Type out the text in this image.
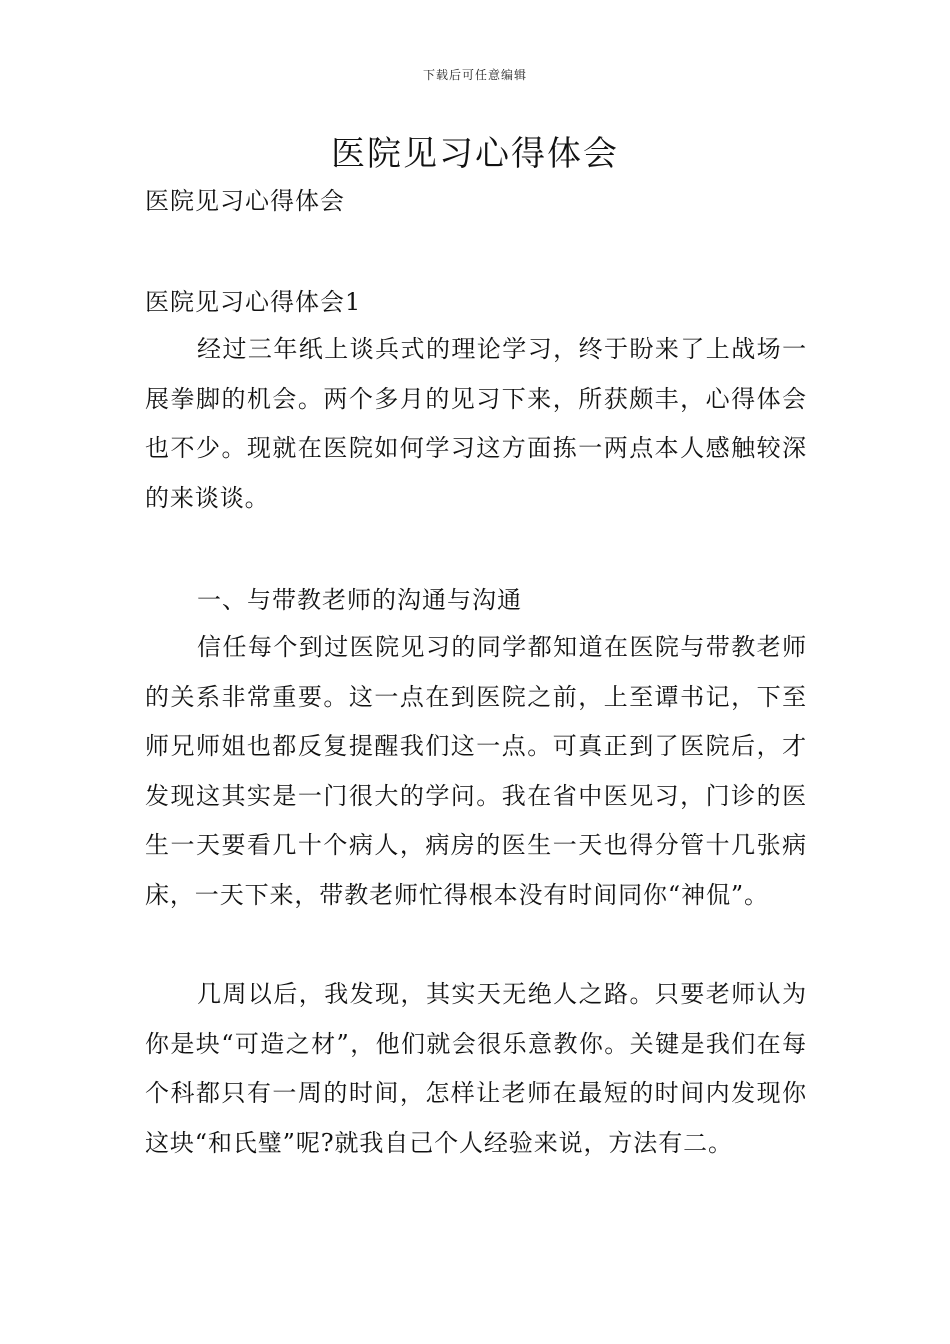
下载后可任意编辑
医院见习心得体会
医院见习心得体会
医院见习心得体会1

经过三年纸上谈兵式的理论学习，终于盼来了上战场一展拳脚的机会。两个多月的见习下来，所获颇丰，心得体会也不少。现就在医院如何学习这方面拣一两点本人感触较深的来谈谈。

一、与带教老师的沟通与沟通

信任每个到过医院见习的同学都知道在医院与带教老师的关系非常重要。这一点在到医院之前，上至谭书记，下至师兄师姐也都反复提醒我们这一点。可真正到了医院后，才发现这其实是一门很大的学问。我在省中医见习，门诊的医生一天要看几十个病人，病房的医生一天也得分管十几张病床，一天下来，带教老师忙得根本没有时间同你“神侃”。

几周以后，我发现，其实天无绝人之路。只要老师认为你是块“可造之材”，他们就会很乐意教你。关键是我们在每个科都只有一周的时间，怎样让老师在最短的时间内发现你这块“和氏璧”呢?就我自己个人经验来说，方法有二。
